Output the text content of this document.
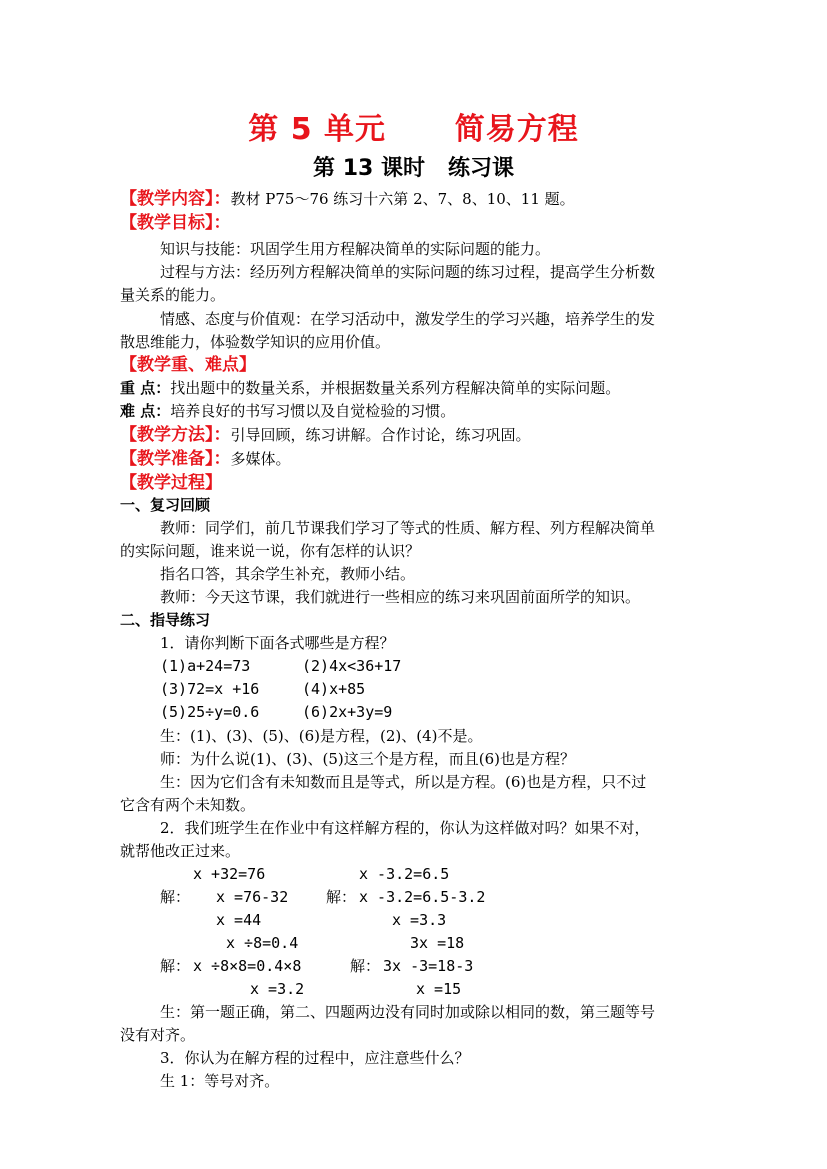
第 5 单元 简易方程
第 13 课时 练习课
【教学内容】：教材 P75～76 练习十六第 2、7、8、10、11 题。
【教学目标】：
知识与技能：巩固学生用方程解决简单的实际问题的能力。
过程与方法：经历列方程解决简单的实际问题的练习过程，提高学生分析数
量关系的能力。
情感、态度与价值观：在学习活动中，激发学生的学习兴趣，培养学生的发
散思维能力，体验数学知识的应用价值。
【教学重、难点】
重 点：找出题中的数量关系，并根据数量关系列方程解决简单的实际问题。
难 点：培养良好的书写习惯以及自觉检验的习惯。
【教学方法】：引导回顾，练习讲解。合作讨论，练习巩固。
【教学准备】：多媒体。
【教学过程】
一、复习回顾
教师：同学们，前几节课我们学习了等式的性质、解方程、列方程解决简单
的实际问题，谁来说一说，你有怎样的认识？
指名口答，其余学生补充，教师小结。
教师：今天这节课，我们就进行一些相应的练习来巩固前面所学的知识。
二、指导练习
1．请你判断下面各式哪些是方程？
(1)a+24=73	(2)4x<36+17
(3)72=x +16	(4)x+85
(5)25÷y=0.6	(6)2x+3y=9
生：(1)、(3)、(5)、(6)是方程，(2)、(4)不是。
师：为什么说(1)、(3)、(5)这三个是方程，而且(6)也是方程？
生：因为它们含有未知数而且是等式，所以是方程。(6)也是方程，只不过
它含有两个未知数。
2．我们班学生在作业中有这样解方程的，你认为这样做对吗？如果不对，
就帮他改正过来。
x +32=76	x -3.2=6.5
解： x =76-32	解： x -3.2=6.5-3.2
x =44	x =3.3
x ÷8=0.4	3x =18
解： x ÷8×8=0.4×8	解： 3x -3=18-3
x =3.2	x =15
生：第一题正确，第二、四题两边没有同时加或除以相同的数，第三题等号
没有对齐。
3．你认为在解方程的过程中，应注意些什么？
生 1：等号对齐。
